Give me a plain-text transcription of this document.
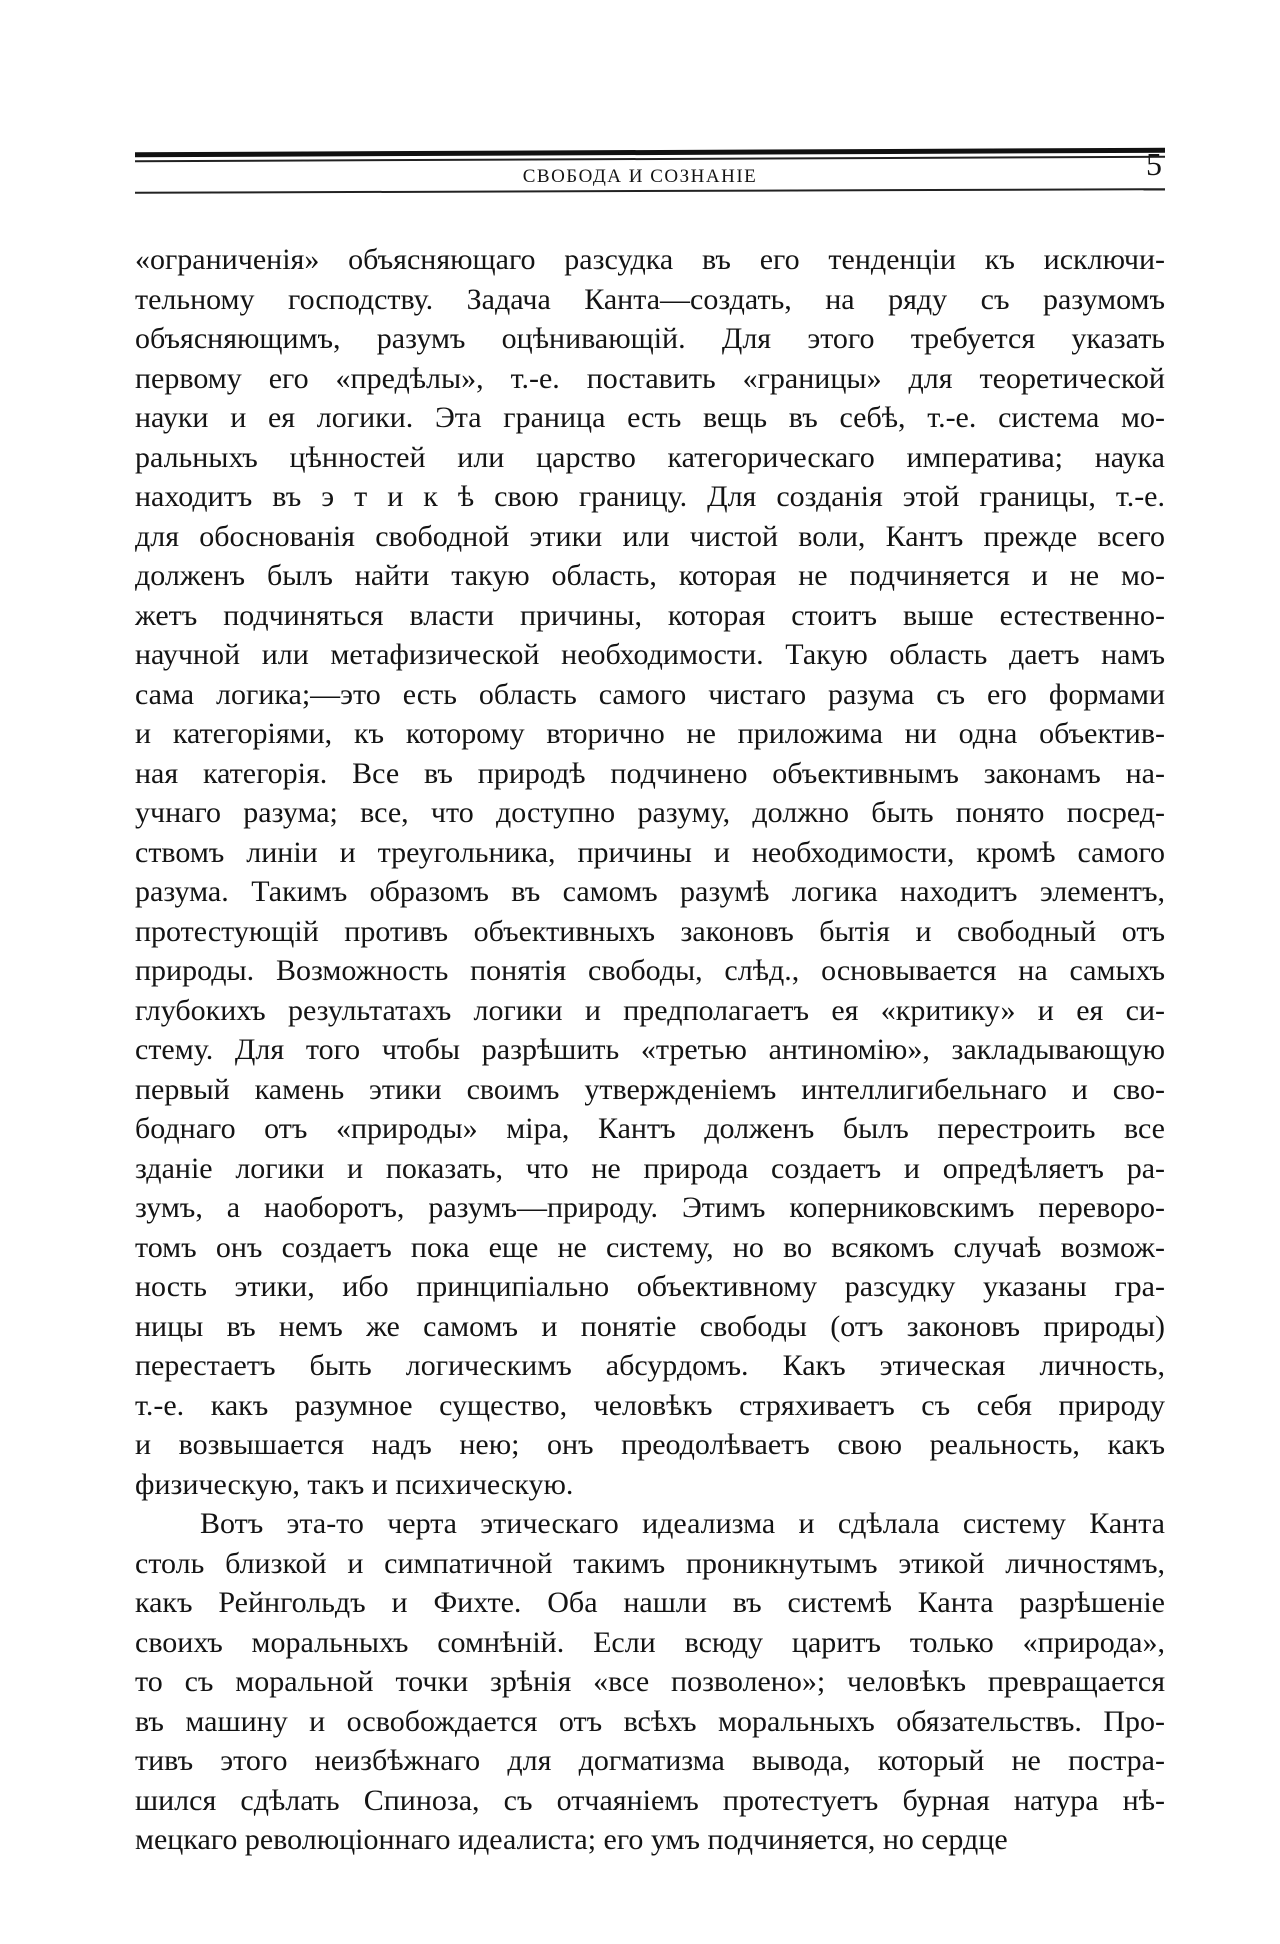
СВОБОДА И СОЗНАНІЕ	5
«ограниченія» объясняющаго разсудка въ его тенденціи къ исключи-
тельному господству. Задача Канта—создать, на ряду съ разумомъ
объясняющимъ, разумъ оцѣнивающій. Для этого требуется указать
первому его «предѣлы», т.-е. поставить «границы» для теоретической
науки и ея логики. Эта граница есть вещь въ себѣ, т.-е. система мо-
ральныхъ цѣнностей или царство категорическаго императива; наука
находитъ въ э т и к ѣ свою границу. Для созданія этой границы, т.-е.
для обоснованія свободной этики или чистой воли, Кантъ прежде всего
долженъ былъ найти такую область, которая не подчиняется и не мо-
жетъ подчиняться власти причины, которая стоитъ выше естественно-
научной или метафизической необходимости. Такую область даетъ намъ
сама логика;—это есть область самого чистаго разума съ его формами
и категоріями, къ которому вторично не приложима ни одна объектив-
ная категорія. Все въ природѣ подчинено объективнымъ законамъ на-
учнаго разума; все, что доступно разуму, должно быть понято посред-
ствомъ линіи и треугольника, причины и необходимости, кромѣ самого
разума. Такимъ образомъ въ самомъ разумѣ логика находитъ элементъ,
протестующій противъ объективныхъ законовъ бытія и свободный отъ
природы. Возможность понятія свободы, слѣд., основывается на самыхъ
глубокихъ результатахъ логики и предполагаетъ ея «критику» и ея си-
стему. Для того чтобы разрѣшить «третью антиномію», закладывающую
первый камень этики своимъ утвержденіемъ интеллигибельнаго и сво-
боднаго отъ «природы» міра, Кантъ долженъ былъ перестроить все
зданіе логики и показать, что не природа создаетъ и опредѣляетъ ра-
зумъ, а наоборотъ, разумъ—природу. Этимъ коперниковскимъ переворо-
томъ онъ создаетъ пока еще не систему, но во всякомъ случаѣ возмож-
ность этики, ибо принципіально объективному разсудку указаны гра-
ницы въ немъ же самомъ и понятіе свободы (отъ законовъ природы)
перестаетъ быть логическимъ абсурдомъ. Какъ этическая личность,
т.-е. какъ разумное существо, человѣкъ стряхиваетъ съ себя природу
и возвышается надъ нею; онъ преодолѣваетъ свою реальность, какъ
физическую, такъ и психическую.
Вотъ эта-то черта этическаго идеализма и сдѣлала систему Канта
столь близкой и симпатичной такимъ проникнутымъ этикой личностямъ,
какъ Рейнгольдъ и Фихте. Оба нашли въ системѣ Канта разрѣшеніе
своихъ моральныхъ сомнѣній. Если всюду царитъ только «природа»,
то съ моральной точки зрѣнія «все позволено»; человѣкъ превращается
въ машину и освобождается отъ всѣхъ моральныхъ обязательствъ. Про-
тивъ этого неизбѣжнаго для догматизма вывода, который не постра-
шился сдѣлать Спиноза, съ отчаяніемъ протестуетъ бурная натура нѣ-
мецкаго революціоннаго идеалиста; его умъ подчиняется, но сердце
